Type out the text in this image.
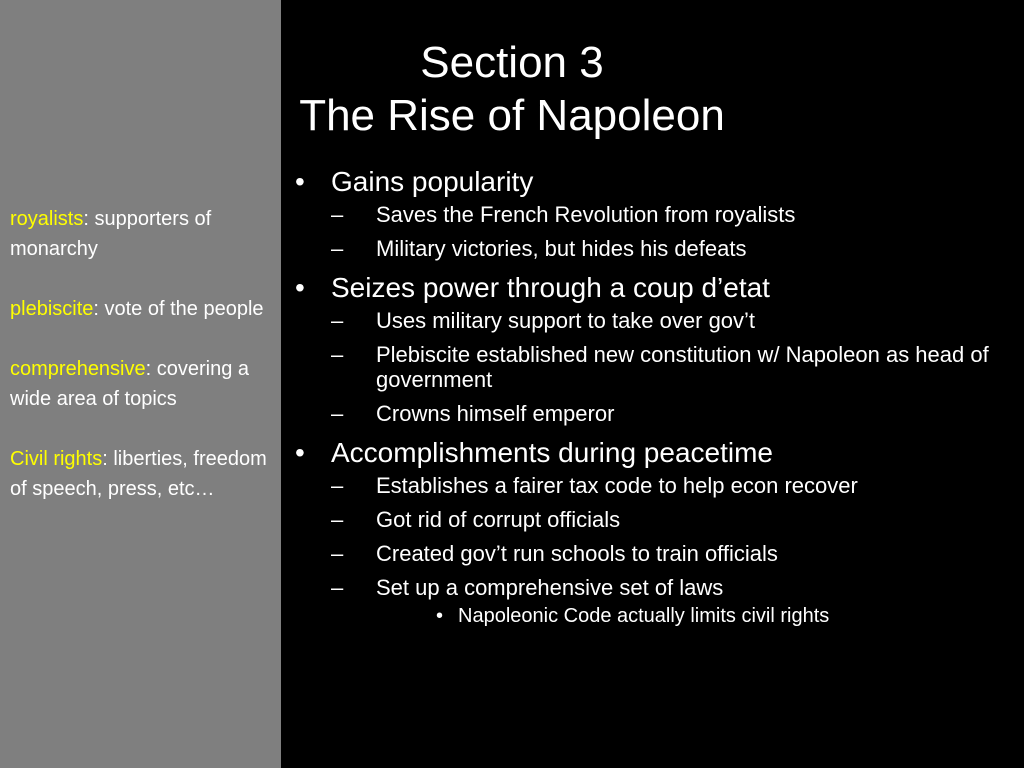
royalists: supporters of monarchy
plebiscite: vote of the people
comprehensive: covering a wide area of topics
Civil rights: liberties, freedom of speech, press, etc…
Section 3
The Rise of Napoleon
• Gains popularity
– Saves the French Revolution from royalists
– Military victories, but hides his defeats
• Seizes power through a coup d’etat
– Uses military support to take over gov’t
– Plebiscite established new constitution w/ Napoleon as head of government
– Crowns himself emperor
• Accomplishments during peacetime
– Establishes a fairer tax code to help econ recover
– Got rid of corrupt officials
– Created gov’t run schools to train officials
– Set up a comprehensive set of laws
• Napoleonic Code actually limits civil rights
